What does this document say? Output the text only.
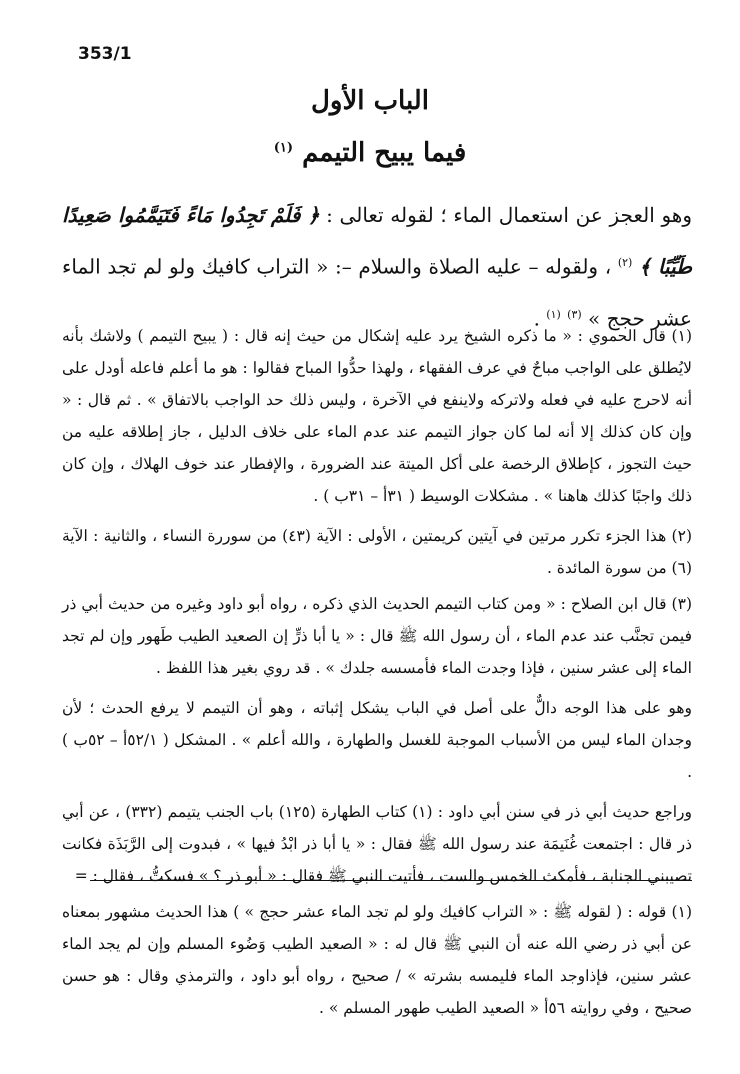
353/1
الباب الأول
فيما يبيح التيمم $^{(١)}$
وهو العجز عن استعمال الماء ؛ لقوله تعالى : ﴿ فَلَمْ تَجِدُوا مَاءً فَتَيَمَّمُوا صَعِيدًا طَيِّبًا ﴾ $^{(٢)}$ ، ولقوله – عليه الصلاة والسلام –: « التراب كافيك ولو لم تجد الماء عشر حجج » $^{(٣)}$ $^{(١)}$ .

(١) قال الحموي : « ما ذكره الشيخ يرد عليه إشكال من حيث إنه قال : ( يبيح التيمم ) ولاشك بأنه لايُطلق على الواجب مباحٌ في عرف الفقهاء ، ولهذا حدُّوا المباح فقالوا : هو ما أعلم فاعله أودل على أنه لاحرج عليه في فعله ولاتركه ولاينفع في الآخرة ، وليس ذلك حد الواجب بالاتفاق » . ثم قال : « وإن كان كذلك إلا أنه لما كان جواز التيمم عند عدم الماء على خلاف الدليل ، جاز إطلاقه عليه من حيث التجوز ، كإطلاق الرخصة على أكل الميتة عند الضرورة ، والإفطار عند خوف الهلاك ، وإن كان ذلك واجبًا كذلك هاهنا » . مشكلات الوسيط ( ٣١أ – ٣١ب ) .

(٢) هذا الجزء تكرر مرتين في آيتين كريمتين ، الأولى : الآية (٤٣) من سوررة النساء ، والثانية : الآية (٦) من سورة المائدة .

(٣) قال ابن الصلاح : « ومن كتاب التيمم الحديث الذي ذكره ، رواه أبو داود وغيره من حديث أبي ذر فيمن تجنَّب عند عدم الماء ، أن رسول الله ﷺ قال : « يا أبا ذرٍّ إن الصعيد الطيب طَهور وإن لم تجد الماء إلى عشر سنين ، فإذا وجدت الماء فأمسسه جلدك » . قد روي بغير هذا اللفظ .

وهو على هذا الوجه دالٌّ على أصل في الباب يشكل إثباته ، وهو أن التيمم لا يرفع الحدث ؛ لأن وجدان الماء ليس من الأسباب الموجبة للغسل والطهارة ، والله أعلم » . المشكل ( ٥٢/١أ – ٥٢ب ) .

وراجع حديث أبي ذر في سنن أبي داود : (١) كتاب الطهارة (١٢٥) باب الجنب يتيمم (٣٣٢) ، عن أبي ذر قال : اجتمعت غُنَيمَة عند رسول الله ﷺ فقال : « يا أبا ذر ابْدُ فيها » ، فبدوت إلى الرَّبَذَة فكانت تصيبني الجنابة ، فأمكث الخمس والست ، فأتيت النبي ﷺ فقال : « أبو ذر ؟ » فسكتُّ ، فقال : =

(١) قوله : ( لقوله ﷺ : « التراب كافيك ولو لم تجد الماء عشر حجج » ) هذا الحديث مشهور بمعناه عن أبي ذر رضي الله عنه أن النبي ﷺ قال له : « الصعيد الطيب وَضُوء المسلم وإن لم يجد الماء عشر سنين، فإذاوجد الماء فليمسه بشرته » / صحيح ، رواه أبو داود ، والترمذي وقال : هو حسن صحيح ، وفي روايته ٥٦أ « الصعيد الطيب طهور المسلم » .
